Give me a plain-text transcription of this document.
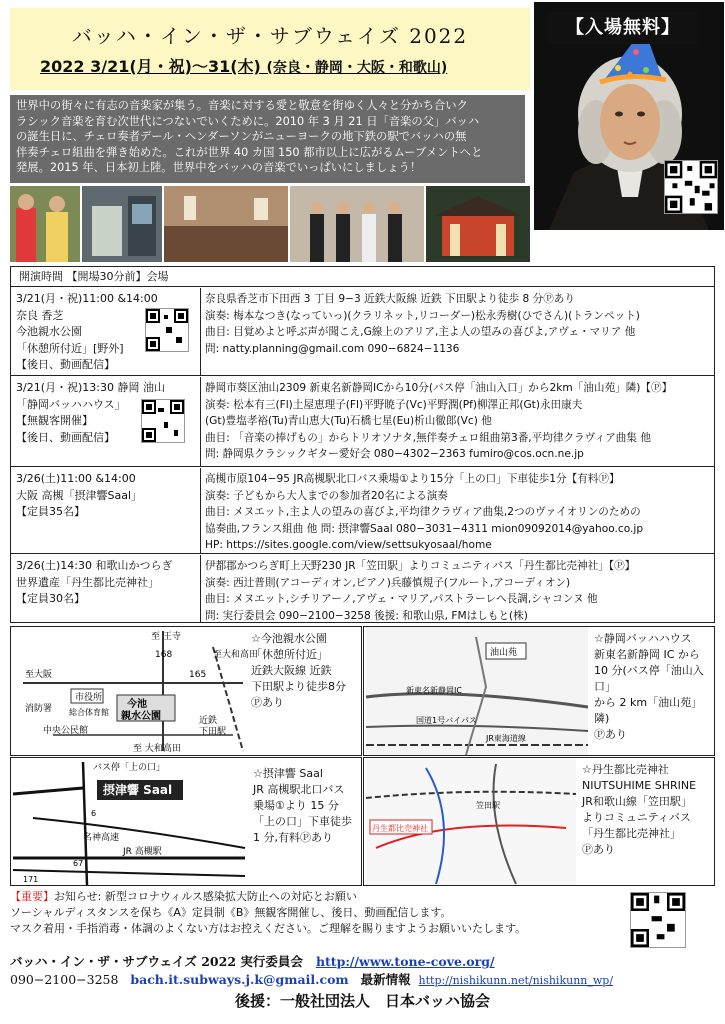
バッハ・イン・ザ・サブウェイズ 2022
2022 3/21(月・祝)～31(木) (奈良・静岡・大阪・和歌山)
【入場無料】
世界中の街々に有志の音楽家が集う。音楽に対する愛と敬意を街ゆく人々と分かち合いク
ラシック音楽を育む次世代につないでいくために。2010 年 3 月 21 日「音楽の父」バッハ
の誕生日に、チェロ奏者デール・ヘンダーソンがニューヨークの地下鉄の駅でバッハの無
伴奏チェロ組曲を弾き始めた。これが世界 40 カ国 150 都市以上に広がるムーブメントへと
発展。2015 年、日本初上陸。世界中をバッハの音楽でいっぱいにしましょう！
開演時間 【開場30分前】会場
3/21(月・祝)11:00 &14:00
奈良 香芝
今池親水公園
「休憩所付近」[野外]
【後日、動画配信】
奈良県香芝市下田西 3 丁目 9−3 近鉄大阪線 近鉄 下田駅より徒歩 8 分Ⓟあり
演奏: 梅本なつき(なっていっ)(クラリネット,リコーダー)松永秀樹(ひでさん)(トランペット)
曲目: 目覚めよと呼ぶ声が聞こえ,G線上のアリア,主よ人の望みの喜びよ,アヴェ・マリア 他
問: natty.planning@gmail.com 090−6824−1136
3/21(月・祝)13:30 静岡 油山
「静岡バッハハウス」
【無観客開催】
【後日、動画配信】
静岡市葵区油山2309 新東名新静岡ICから10分(バス停「油山入口」から2km「油山苑」隣)【Ⓟ】
演奏: 松本有三(Fl)土屋恵理子(Fl)平野暁子(Vc)平野潤(Pf)柳澤正邦(Gt)永田康夫
(Gt)豊塩孝裕(Tu)青山恵大(Tu)石橋七星(Eu)析山徹郎(Vc) 他
曲目: 「音楽の捧げもの」からトリオソナタ,無伴奏チェロ組曲第3番,平均律クラヴィア曲集 他
問: 静岡県クラシックギター愛好会 080−4302−2363 fumiro@cos.ocn.ne.jp
3/26(土)11:00 &14:00
大阪 高槻「摂津響Saal」
【定員35名】
高槻市原104−95 JR高槻駅北口バス乗場①より15分「上の口」下車徒歩1分【有料Ⓟ】
演奏: 子どもから大人までの参加者20名による演奏
曲目: メヌエット,主よ人の望みの喜びよ,平均律クラヴィア曲集,2つのヴァイオリンのための
協奏曲,フランス組曲 他 問: 摂津響Saal 080−3031−4311 mion09092014@yahoo.co.jp
HP: https://sites.google.com/view/settsukyosaal/home
3/26(土)14:30 和歌山かつらぎ
世界遺産「丹生都比売神社」
【定員30名】
伊都郡かつらぎ町上天野230 JR「笠田駅」よりコミュニティバス「丹生都比売神社」【Ⓟ】
演奏: 西辻普則(アコーディオン,ピアノ)兵藤慎規子(フルート,アコーディオン)
曲目: メヌエット,シチリアーノ,アヴェ・マリア,パストラーレへ長調,シャコンヌ 他
問: 実行委員会 090−2100−3258 後援: 和歌山県, FMはしもと(株)
至 王寺
168
165
至大阪
市役所
総合体育館
消防署
中央公民館
今池
親水公園	近鉄
下田駅
至 大和高田
至大和高田
☆今池親水公園
「休憩所付近」
近鉄大阪線 近鉄
下田駅より徒歩8分
Ⓟあり
油山苑
新東名新静岡IC
国道1号バイパス
JR東海道線
☆静岡バッハハウス
新東名新静岡 IC から
10 分(バス停「油山入口」
から 2 km「油山苑」隣)
Ⓟあり
摂津響 Saal
バス停「上の口」
名神高速
JR 高槻駅
171
6
67
☆摂津響 Saal
JR 高槻駅北口バス
乗場①より 15 分
「上の口」下車徒歩
1 分,有料Ⓟあり
丹生都比売神社
笠田駅
☆丹生都比売神社
NIUTSUHIME SHRINE
JR和歌山線「笠田駅」
よりコミュニティバス
「丹生都比売神社」
Ⓟあり
【重要】お知らせ: 新型コロナウィルス感染拡大防止への対応とお願い
ソーシャルディスタンスを保ち《A》定員制《B》無観客開催し、後日、動画配信します。
マスク着用・手指消毒・体調のよくない方はお控えください。ご理解を賜りますようお願いいたします。
バッハ・イン・ザ・サブウェイズ 2022 実行委員会 http://www.tone-cove.org/
090−2100−3258 bach.it.subways.j.k@gmail.com 最新情報 http://nishikunn.net/nishikunn_wp/
後援：一般社団法人　日本バッハ協会
